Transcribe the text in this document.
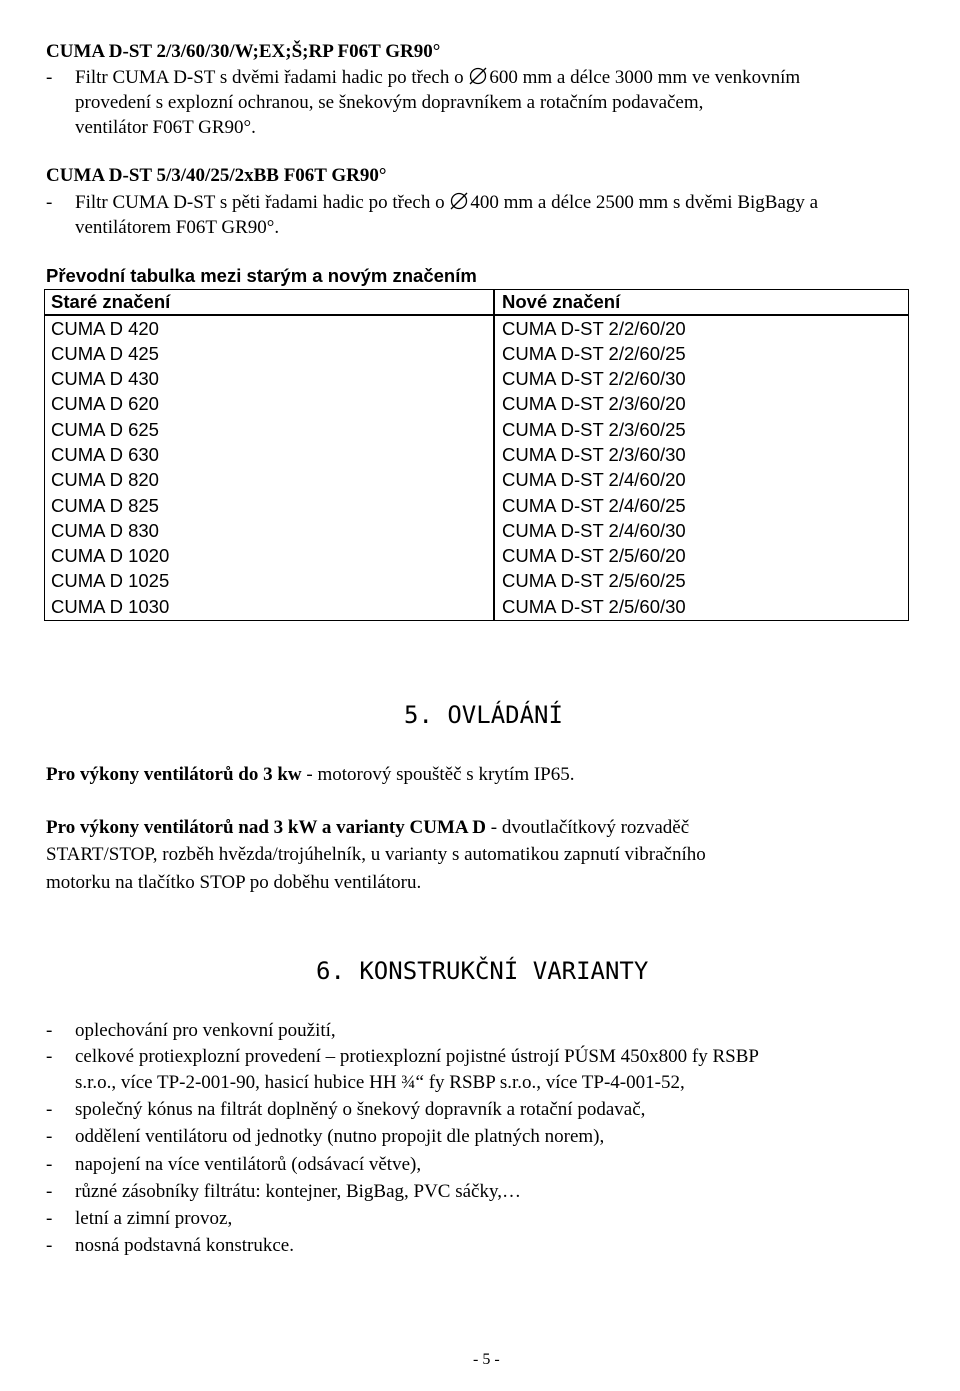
CUMA D-ST 2/3/60/30/W;EX;Š;RP F06T GR90°
- Filtr CUMA D-ST s dvěmi řadami hadic po třech o
600 mm a délce 3000 mm ve venkovním
provedení s explozní ochranou, se šnekovým dopravníkem a rotačním podavačem,
ventilátor F06T GR90°.
CUMA D-ST 5/3/40/25/2xBB F06T GR90°
- Filtr CUMA D-ST s pěti řadami hadic po třech o
400 mm a délce 2500 mm s dvěmi BigBagy a
ventilátorem F06T GR90°.
Převodní tabulka mezi starým a novým značením
Staré značení	Nové značení
CUMA D 420	CUMA D-ST 2/2/60/20
CUMA D 425	CUMA D-ST 2/2/60/25
CUMA D 430	CUMA D-ST 2/2/60/30
CUMA D 620	CUMA D-ST 2/3/60/20
CUMA D 625	CUMA D-ST 2/3/60/25
CUMA D 630	CUMA D-ST 2/3/60/30
CUMA D 820	CUMA D-ST 2/4/60/20
CUMA D 825	CUMA D-ST 2/4/60/25
CUMA D 830	CUMA D-ST 2/4/60/30
CUMA D 1020	CUMA D-ST 2/5/60/20
CUMA D 1025	CUMA D-ST 2/5/60/25
CUMA D 1030	CUMA D-ST 2/5/60/30
5. OVLÁDÁNÍ
Pro výkony ventilátorů do 3 kw - motorový spouštěč s krytím IP65.
Pro výkony ventilátorů nad 3 kW a varianty CUMA D - dvoutlačítkový rozvaděč
START/STOP, rozběh hvězda/trojúhelník, u varianty s automatikou zapnutí vibračního
motorku na tlačítko STOP po doběhu ventilátoru.
6. KONSTRUKČNÍ VARIANTY
- oplechování pro venkovní použití,
- celkové protiexplozní provedení – protiexplozní pojistné ústrojí PÚSM 450x800 fy RSBP
s.r.o., více TP-2-001-90, hasicí hubice HH ¾“ fy RSBP s.r.o., více TP-4-001-52,
- společný kónus na filtrát doplněný o šnekový dopravník a rotační podavač,
- oddělení ventilátoru od jednotky (nutno propojit dle platných norem),
- napojení na více ventilátorů (odsávací větve),
- různé zásobníky filtrátu: kontejner, BigBag, PVC sáčky,…
- letní a zimní provoz,
- nosná podstavná konstrukce.
- 5 -
